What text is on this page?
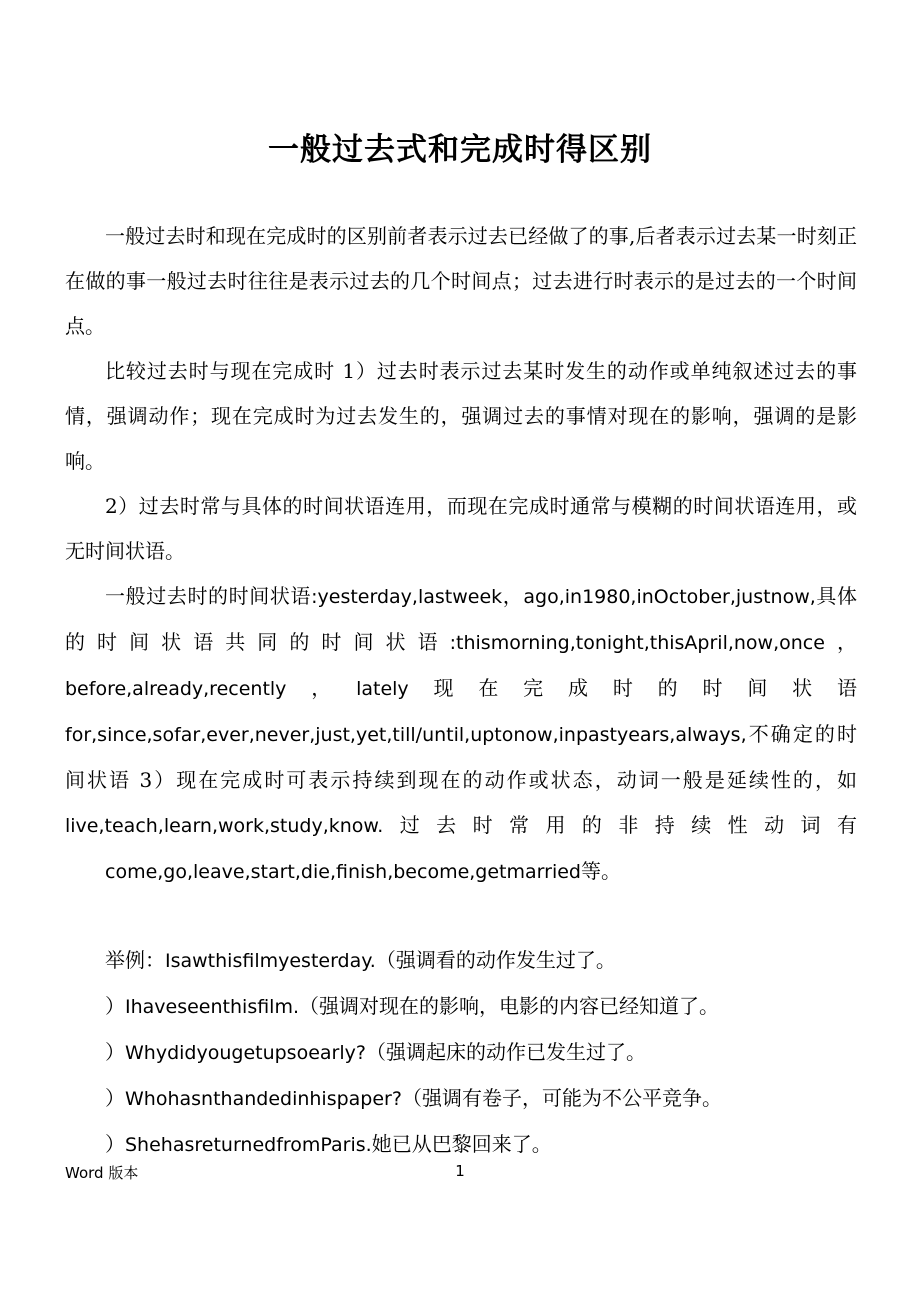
一般过去式和完成时得区别

一般过去时和现在完成时的区别前者表示过去已经做了的事,后者表示过去某一时刻正在做的事一般过去时往往是表示过去的几个时间点；过去进行时表示的是过去的一个时间点。

比较过去时与现在完成时 1）过去时表示过去某时发生的动作或单纯叙述过去的事情，强调动作；现在完成时为过去发生的，强调过去的事情对现在的影响，强调的是影响。

2）过去时常与具体的时间状语连用，而现在完成时通常与模糊的时间状语连用，或无时间状语。

一般过去时的时间状语:yesterday,lastweek，ago,in1980,inOctober,justnow,具体的时间状语共同的时间状语:thismorning,tonight,thisApril,now,once，before,already,recently，lately现在完成时的时间状语for,since,sofar,ever,never,just,yet,till/until,uptonow,inpastyears,always,不确定的时间状语 3）现在完成时可表示持续到现在的动作或状态，动词一般是延续性的，如live,teach,learn,work,study,know.过去时常用的非持续性动词有
come,go,leave,start,die,finish,become,getmarried等。

举例：Isawthisfilmyesterday.（强调看的动作发生过了。
）Ihaveseenthisfilm.（强调对现在的影响，电影的内容已经知道了。
）Whydidyougetupsoearly?（强调起床的动作已发生过了。
）Whohasnthandedinhispaper?（强调有卷子，可能为不公平竞争。
）ShehasreturnedfromParis.她已从巴黎回来了。
Word 版本	1
